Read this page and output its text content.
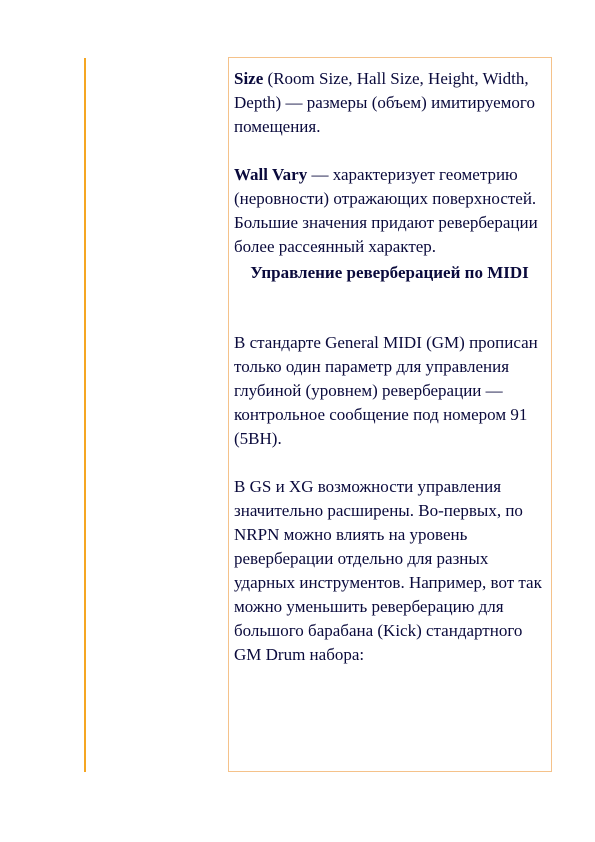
Size (Room Size, Hall Size, Height, Width, Depth) — размеры (объем) имитируемого помещения.

Wall Vary — характеризует геометрию (неровности) отражающих поверхностей. Большие значения придают реверберации более рассеянный характер.

Управление реверберацией по MIDI

В стандарте General MIDI (GM) прописан только один параметр для управления глубиной (уровнем) реверберации — контрольное сообщение под номером 91 (5BH).

В GS и XG возможности управления значительно расширены. Во-первых, по NRPN можно влиять на уровень реверберации отдельно для разных ударных инструментов. Например, вот так можно уменьшить реверберацию для большого барабана (Kick) стандартного GM Drum набора:
